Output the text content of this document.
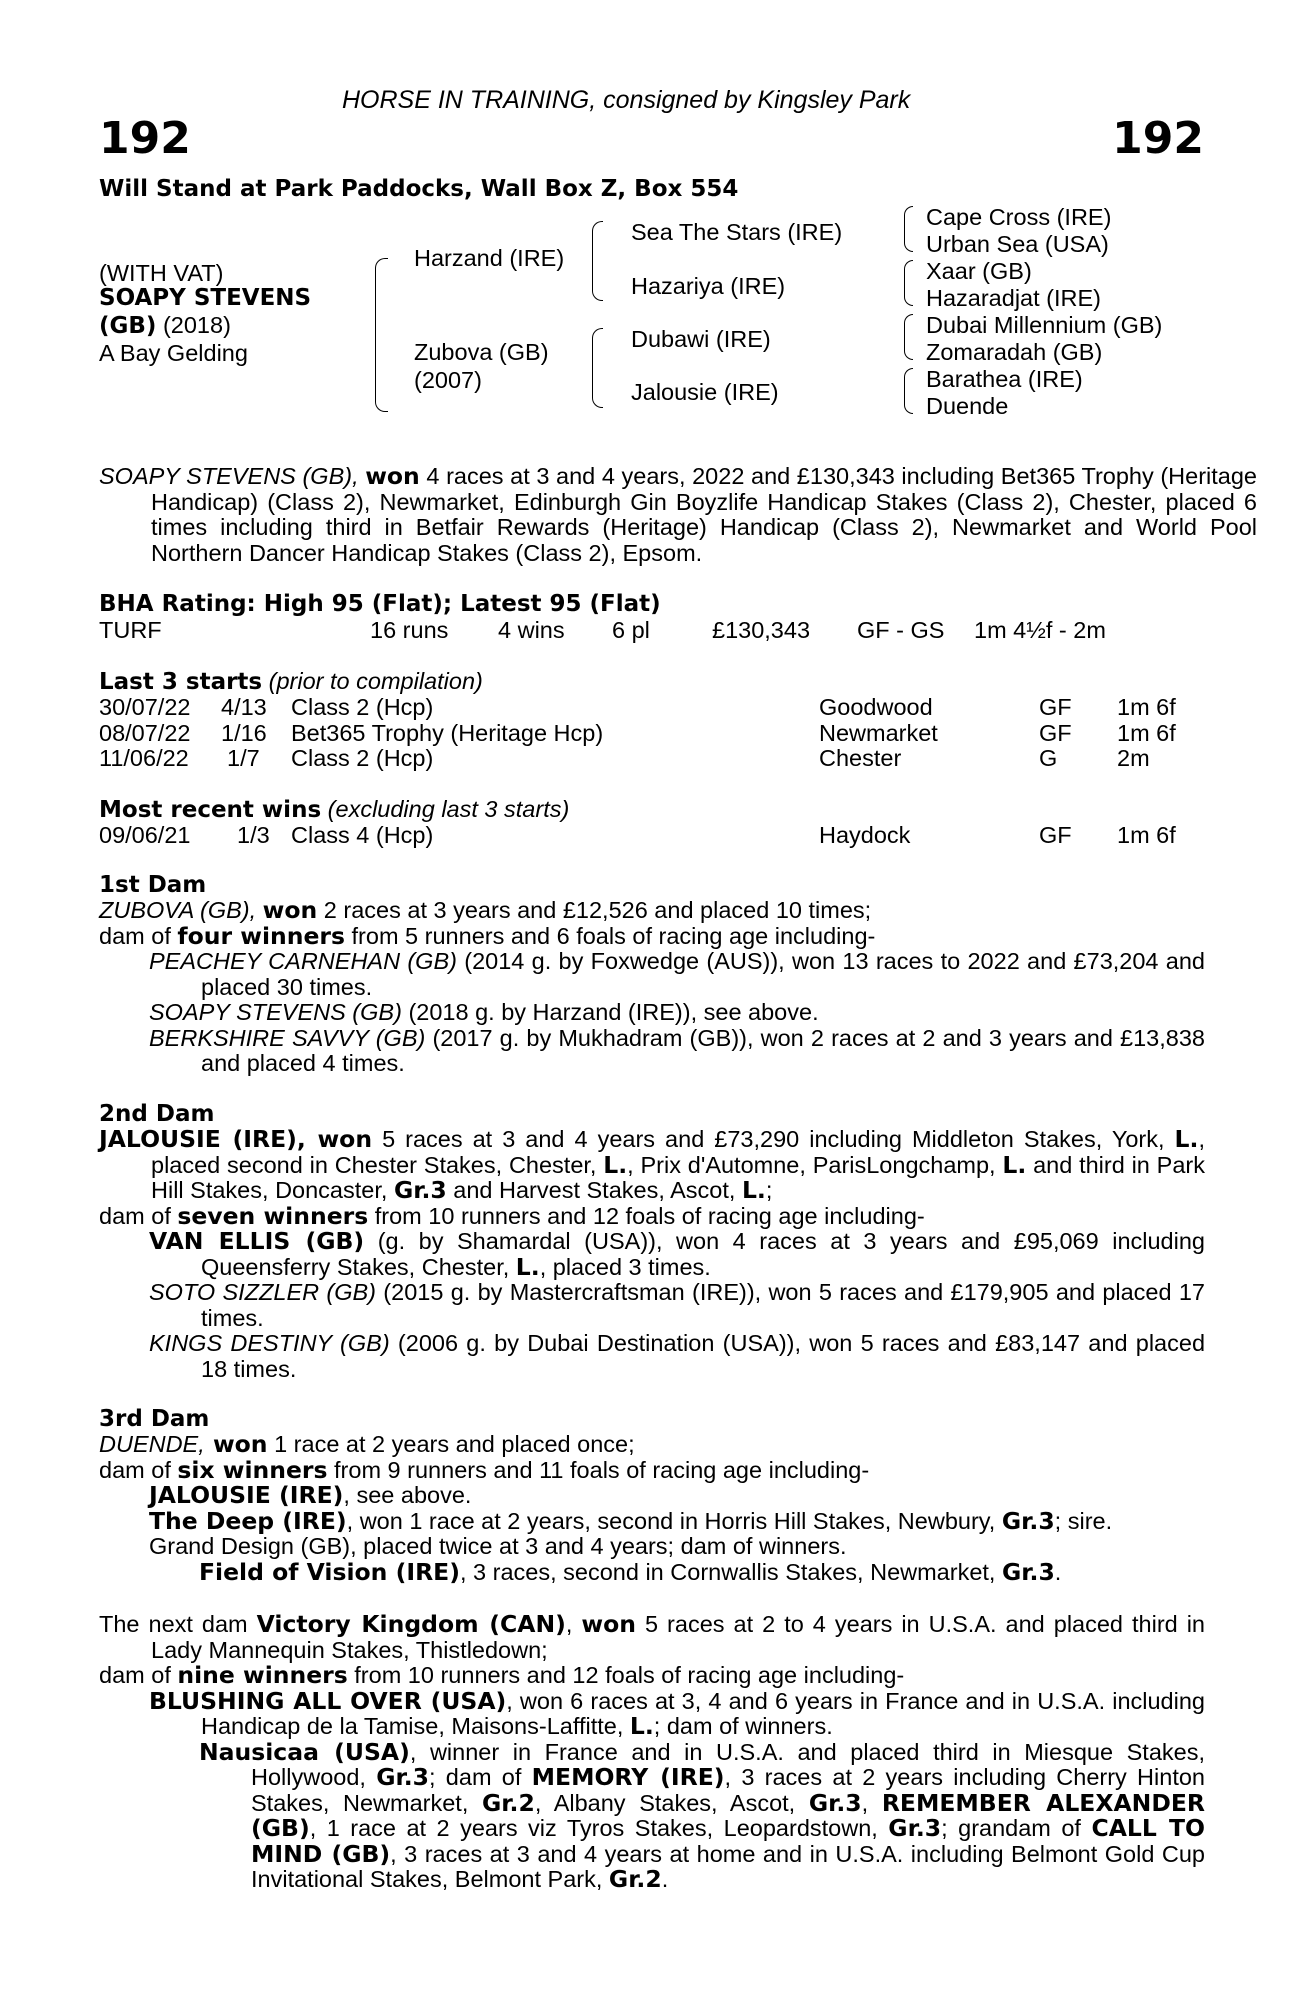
HORSE IN TRAINING, consigned by Kingsley Park
192	192
Will Stand at Park Paddocks, Wall Box Z, Box 554
(WITH VAT)
SOAPY STEVENS
(GB) (2018)
A Bay Gelding
Harzand (IRE)
Zubova (GB)
(2007)
Sea The Stars (IRE)
Hazariya (IRE)
Dubawi (IRE)
Jalousie (IRE)
Cape Cross (IRE)
Urban Sea (USA)
Xaar (GB)
Hazaradjat (IRE)
Dubai Millennium (GB)
Zomaradah (GB)
Barathea (IRE)
Duende
SOAPY STEVENS (GB), won 4 races at 3 and 4 years, 2022 and £130,343 including Bet365 Trophy (Heritage Handicap) (Class 2), Newmarket, Edinburgh Gin Boyzlife Handicap Stakes (Class 2), Chester, placed 6 times including third in Betfair Rewards (Heritage) Handicap (Class 2), Newmarket and World Pool Northern Dancer Handicap Stakes (Class 2), Epsom.
BHA Rating: High 95 (Flat); Latest 95 (Flat)
TURF	16 runs 4 wins 6 pl	£130,343 GF - GS 1m 4½f - 2m
Last 3 starts (prior to compilation)
30/07/22 4/13 Class 2 (Hcp)	Goodwood	GF 1m 6f
08/07/22 1/16 Bet365 Trophy (Heritage Hcp)	Newmarket	GF 1m 6f
11/06/22 1/7 Class 2 (Hcp)	Chester	G	2m
Most recent wins (excluding last 3 starts)
09/06/21 1/3 Class 4 (Hcp)	Haydock	GF 1m 6f
1st Dam
ZUBOVA (GB), won 2 races at 3 years and £12,526 and placed 10 times;
dam of four winners from 5 runners and 6 foals of racing age including-
PEACHEY CARNEHAN (GB) (2014 g. by Foxwedge (AUS)), won 13 races to 2022 and £73,204 and placed 30 times.
SOAPY STEVENS (GB) (2018 g. by Harzand (IRE)), see above.
BERKSHIRE SAVVY (GB) (2017 g. by Mukhadram (GB)), won 2 races at 2 and 3 years and £13,838 and placed 4 times.
2nd Dam
JALOUSIE (IRE), won 5 races at 3 and 4 years and £73,290 including Middleton Stakes, York, L., placed second in Chester Stakes, Chester, L., Prix d'Automne, ParisLongchamp, L. and third in Park Hill Stakes, Doncaster, Gr.3 and Harvest Stakes, Ascot, L.;
dam of seven winners from 10 runners and 12 foals of racing age including-
VAN ELLIS (GB) (g. by Shamardal (USA)), won 4 races at 3 years and £95,069 including Queensferry Stakes, Chester, L., placed 3 times.
SOTO SIZZLER (GB) (2015 g. by Mastercraftsman (IRE)), won 5 races and £179,905 and placed 17 times.
KINGS DESTINY (GB) (2006 g. by Dubai Destination (USA)), won 5 races and £83,147 and placed 18 times.
3rd Dam
DUENDE, won 1 race at 2 years and placed once;
dam of six winners from 9 runners and 11 foals of racing age including-
JALOUSIE (IRE), see above.
The Deep (IRE), won 1 race at 2 years, second in Horris Hill Stakes, Newbury, Gr.3; sire.
Grand Design (GB), placed twice at 3 and 4 years; dam of winners.
Field of Vision (IRE), 3 races, second in Cornwallis Stakes, Newmarket, Gr.3.
The next dam Victory Kingdom (CAN), won 5 races at 2 to 4 years in U.S.A. and placed third in Lady Mannequin Stakes, Thistledown;
dam of nine winners from 10 runners and 12 foals of racing age including-
BLUSHING ALL OVER (USA), won 6 races at 3, 4 and 6 years in France and in U.S.A. including Handicap de la Tamise, Maisons-Laffitte, L.; dam of winners.
Nausicaa (USA), winner in France and in U.S.A. and placed third in Miesque Stakes, Hollywood, Gr.3; dam of MEMORY (IRE), 3 races at 2 years including Cherry Hinton Stakes, Newmarket, Gr.2, Albany Stakes, Ascot, Gr.3, REMEMBER ALEXANDER (GB), 1 race at 2 years viz Tyros Stakes, Leopardstown, Gr.3; grandam of CALL TO MIND (GB), 3 races at 3 and 4 years at home and in U.S.A. including Belmont Gold Cup Invitational Stakes, Belmont Park, Gr.2.
